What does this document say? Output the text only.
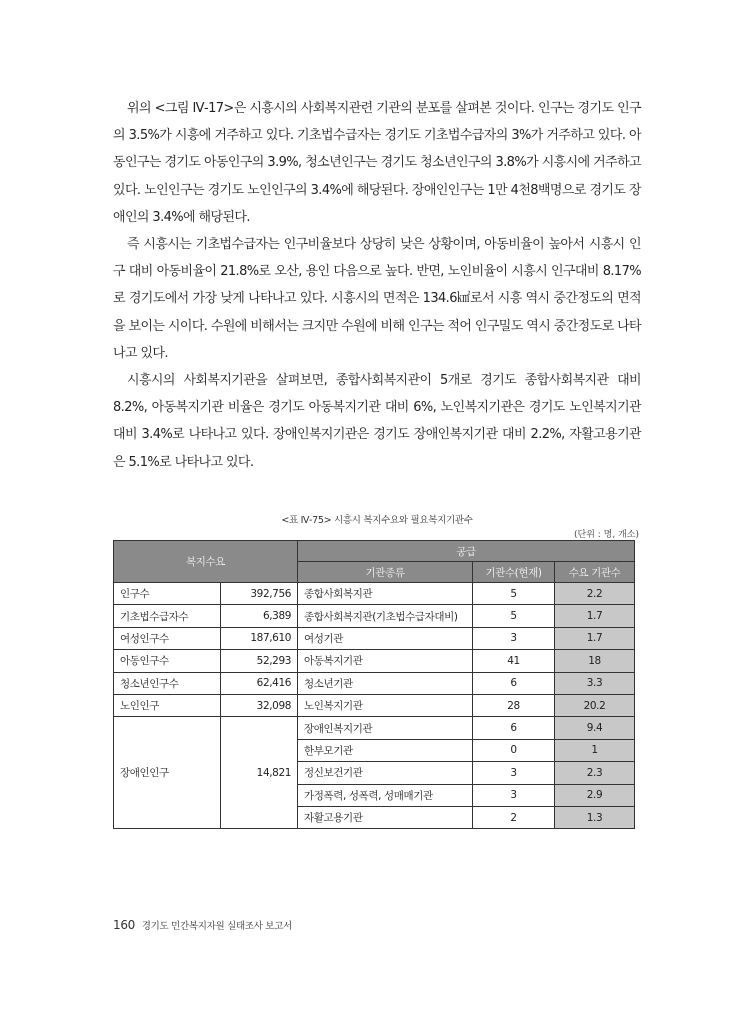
위의 <그림 Ⅳ-17>은 시흥시의 사회복지관련 기관의 분포를 살펴본 것이다. 인구는 경기도 인구의 3.5%가 시흥에 거주하고 있다. 기초법수급자는 경기도 기초법수급자의 3%가 거주하고 있다. 아동인구는 경기도 아동인구의 3.9%, 청소년인구는 경기도 청소년인구의 3.8%가 시흥시에 거주하고 있다. 노인인구는 경기도 노인인구의 3.4%에 해당된다. 장애인인구는 1만 4천8백명으로 경기도 장애인의 3.4%에 해당된다.

즉 시흥시는 기초법수급자는 인구비율보다 상당히 낮은 상황이며, 아동비율이 높아서 시흥시 인구 대비 아동비율이 21.8%로 오산, 용인 다음으로 높다. 반면, 노인비율이 시흥시 인구대비 8.17%로 경기도에서 가장 낮게 나타나고 있다. 시흥시의 면적은 134.6㎢로서 시흥 역시 중간정도의 면적을 보이는 시이다. 수원에 비해서는 크지만 수원에 비해 인구는 적어 인구밀도 역시 중간정도로 나타나고 있다.

시흥시의 사회복지기관을 살펴보면, 종합사회복지관이 5개로 경기도 종합사회복지관 대비 8.2%, 아동복지기관 비율은 경기도 아동복지기관 대비 6%, 노인복지기관은 경기도 노인복지기관 대비 3.4%로 나타나고 있다. 장애인복지기관은 경기도 장애인복지기관 대비 2.2%, 자활고용기관은 5.1%로 나타나고 있다.

<표 Ⅳ-75> 시흥시 복지수요와 필요복지기관수
(단위 : 명, 개소)
복지수요		공급		
		기관종류	기관수(현재)	수요 기관수
인구수	392,756	종합사회복지관	5	2.2
기초법수급자수	6,389	종합사회복지관(기초법수급자대비)	5	1.7
여성인구수	187,610	여성기관	3	1.7
아동인구수	52,293	아동복지기관	41	18
청소년인구수	62,416	청소년기관	6	3.3
노인인구	32,098	노인복지기관	28	20.2
장애인인구	14,821	장애인복지기관	6	9.4
		한부모기관	0	1
		정신보건기관	3	2.3
		가정폭력, 성폭력, 성매매기관	3	2.9
		자활고용기관	2	1.3
160 경기도 민간복지자원 실태조사 보고서
